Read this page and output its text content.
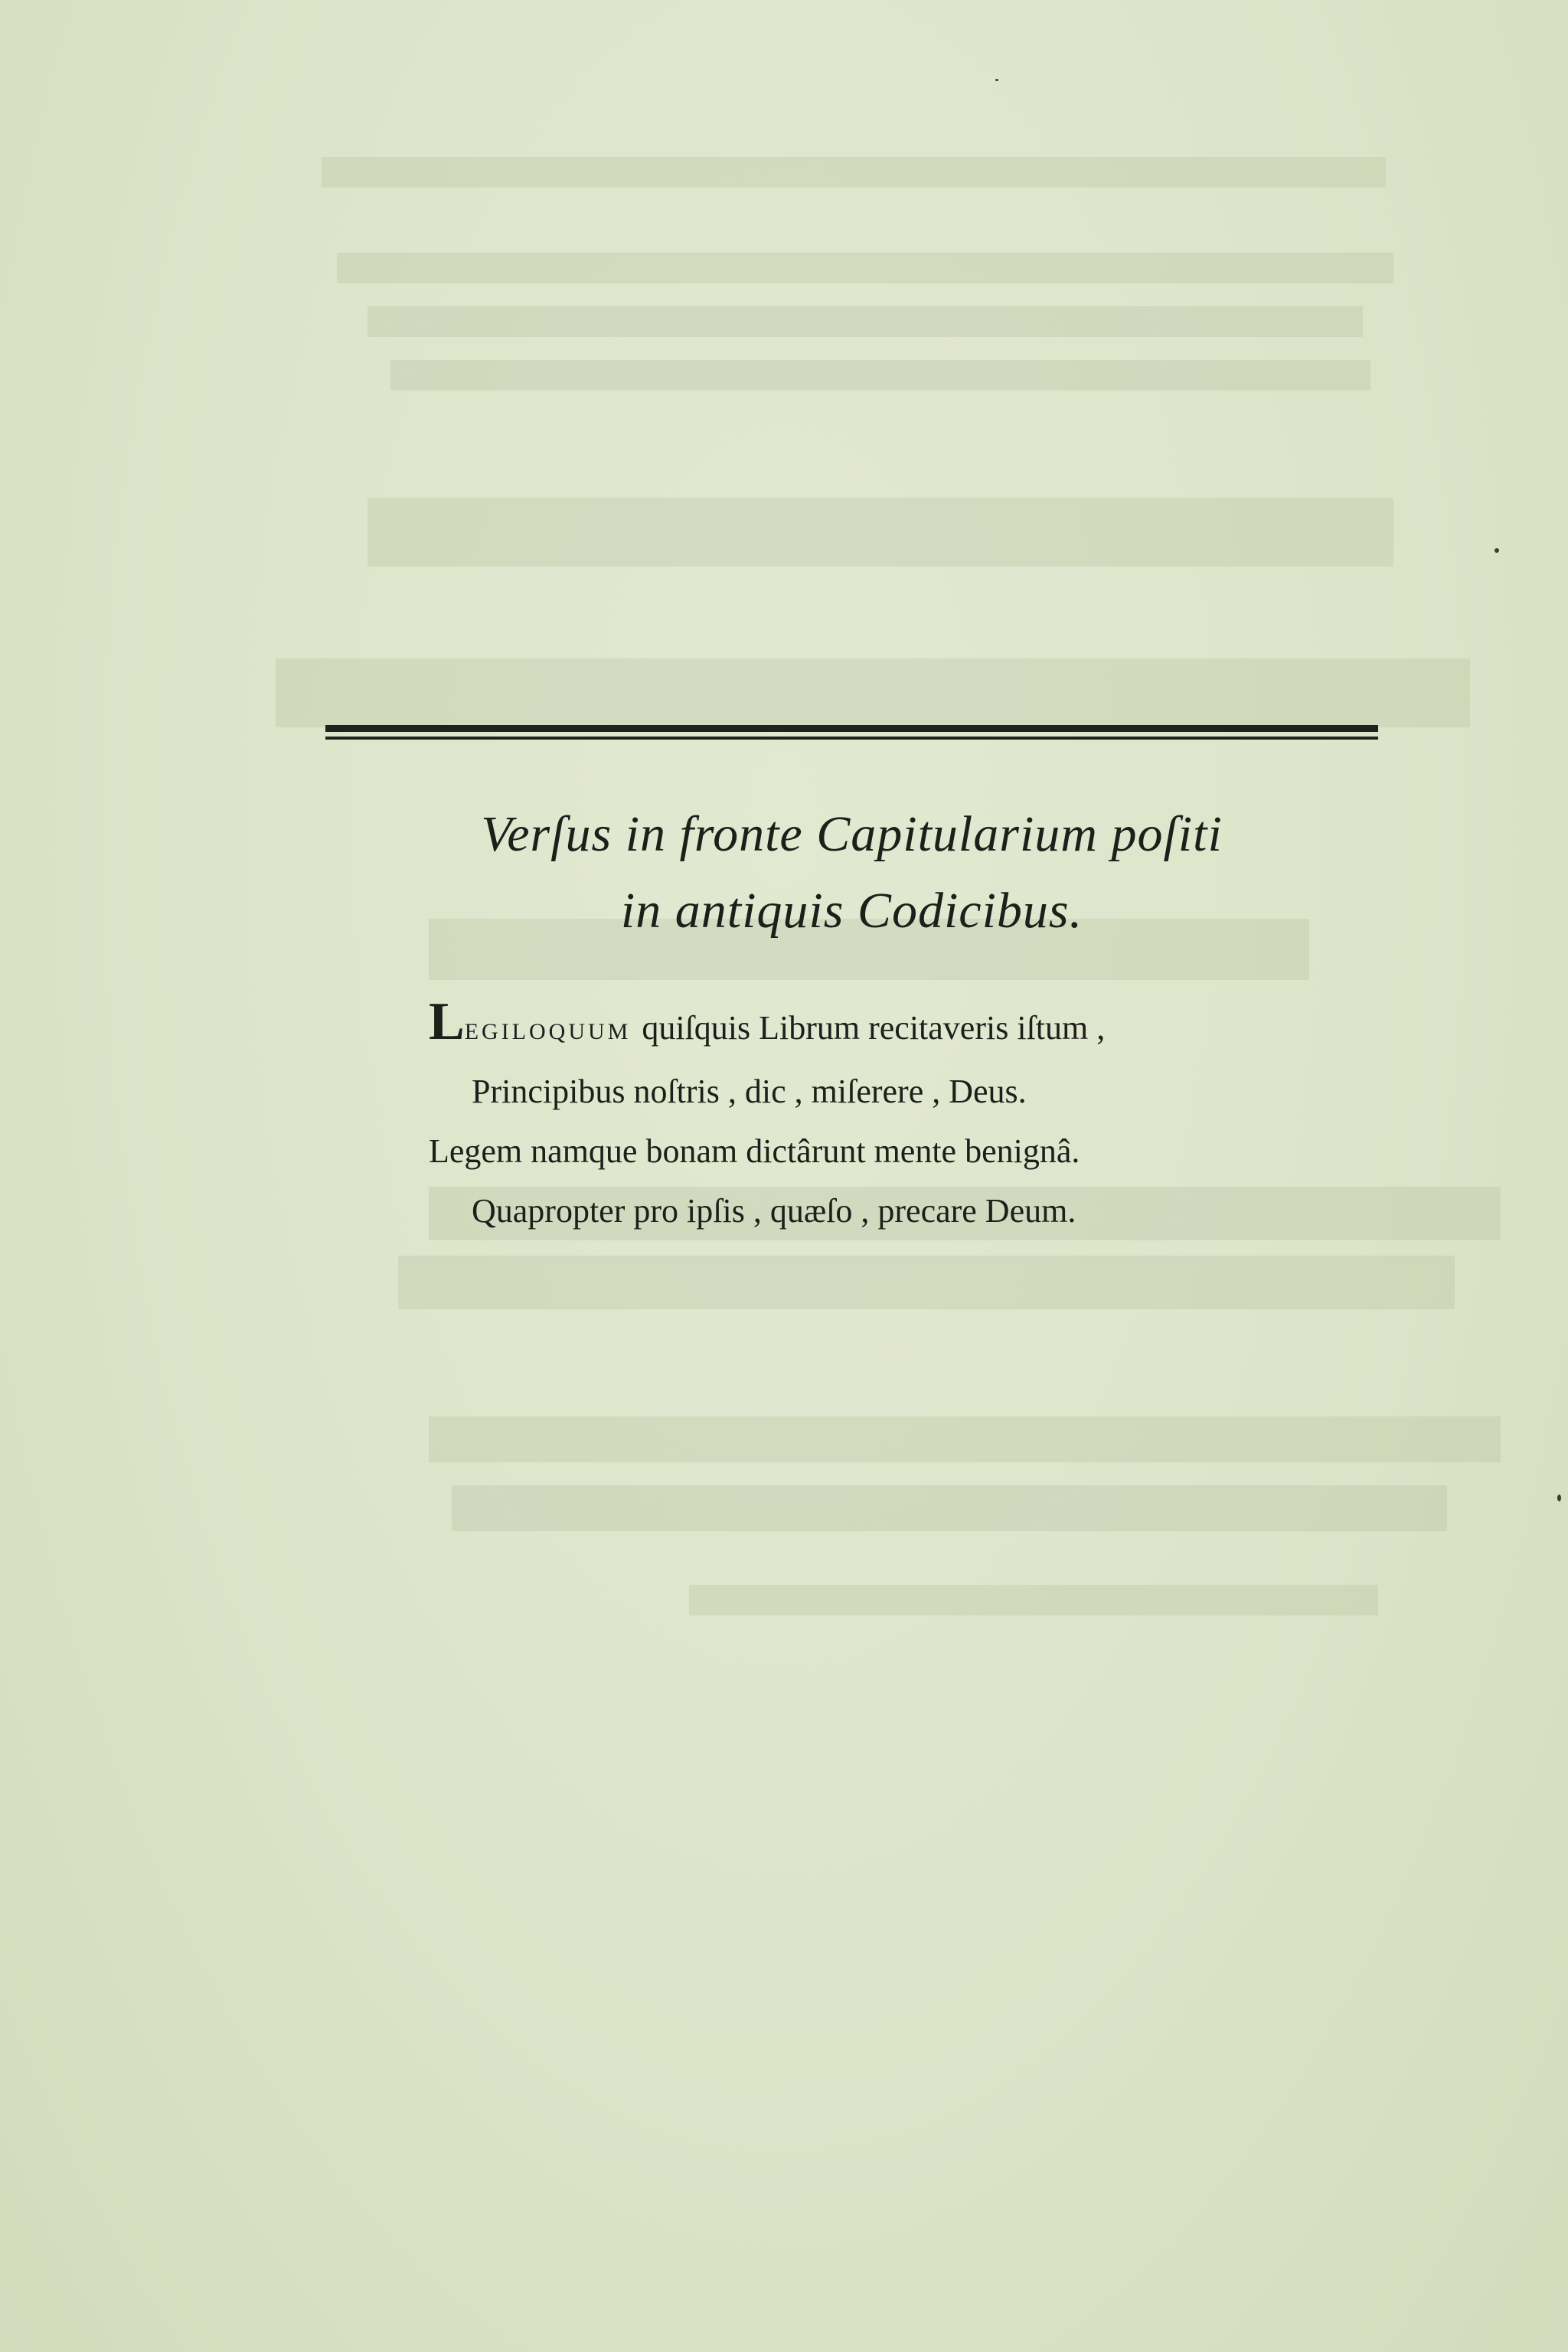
Verſus in fronte Capitularium poſiti
in antiquis Codicibus.
LEGILOQUUM quiſquis Librum recitaveris iſtum ,
Principibus noſtris , dic , miſerere , Deus.
Legem namque bonam dictârunt mente benignâ.
Quapropter pro ipſis , quæſo , precare Deum.
